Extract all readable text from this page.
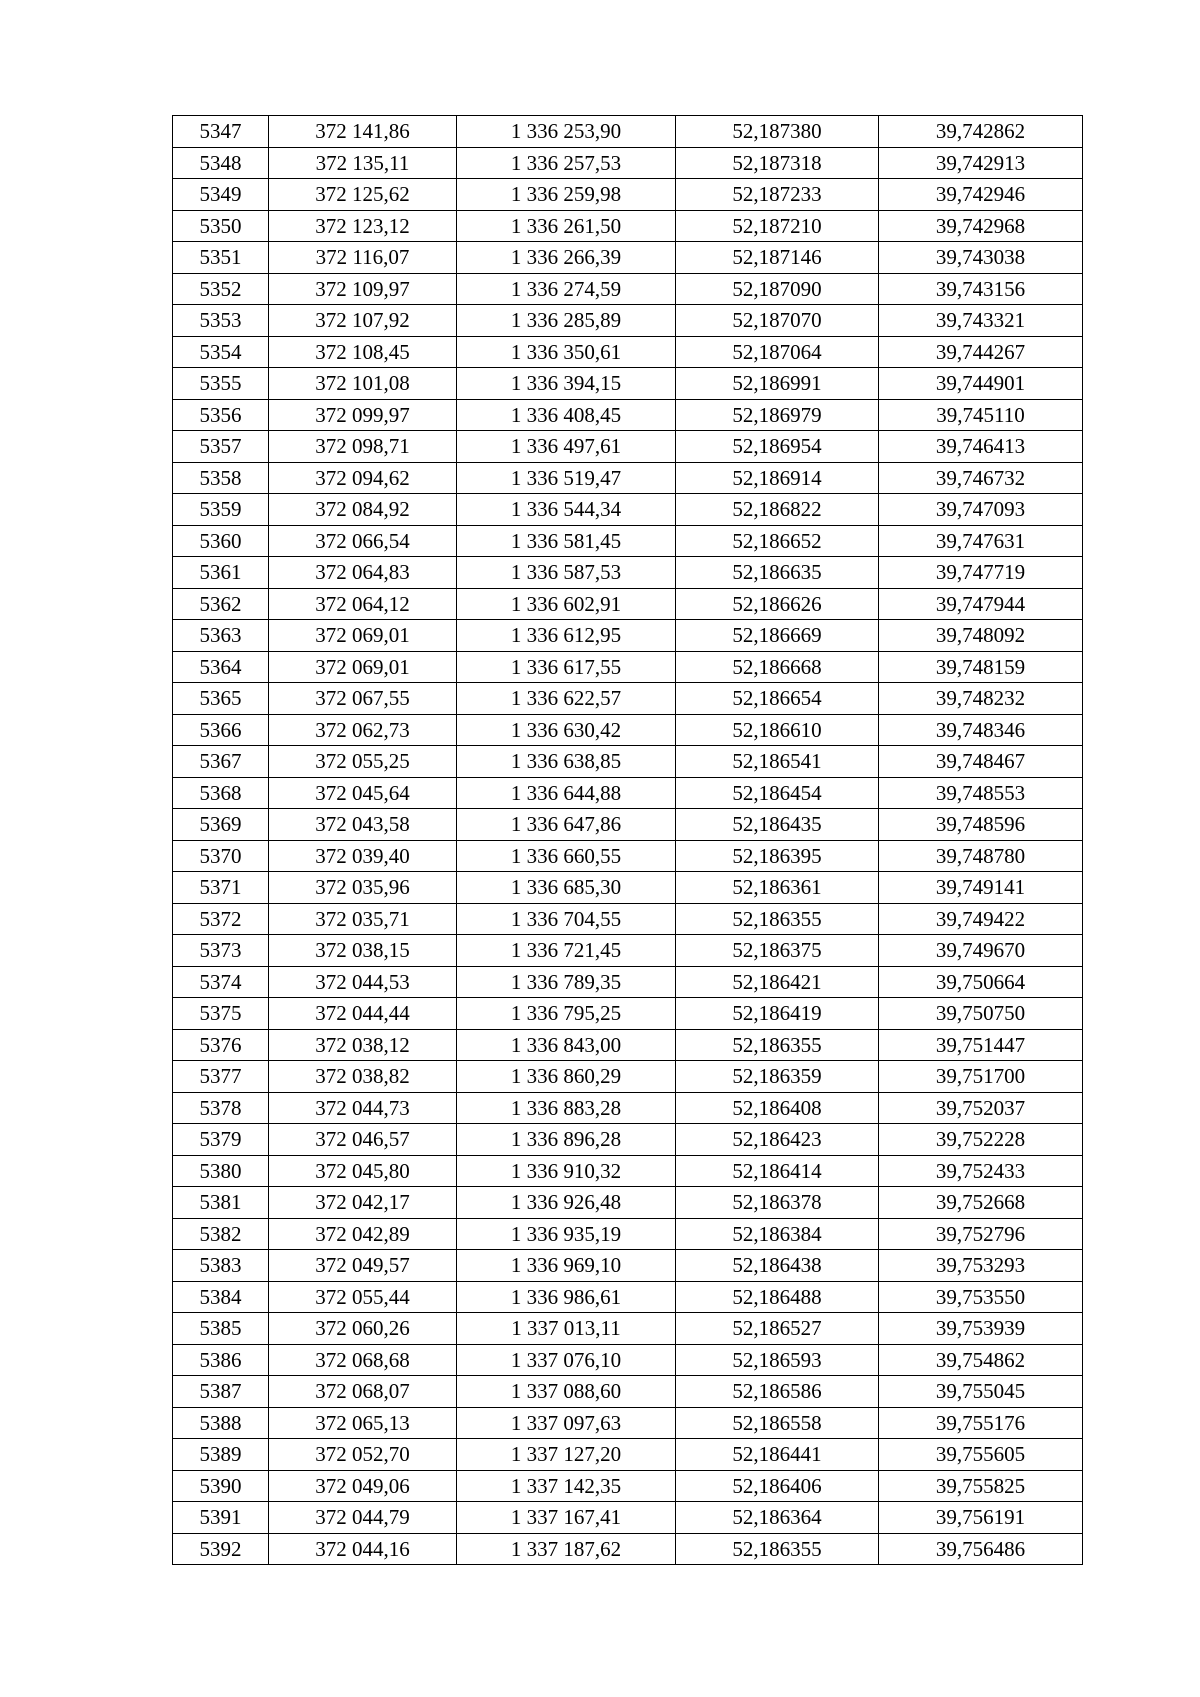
5347	372 141,86	1 336 253,90	52,187380	39,742862
5348	372 135,11	1 336 257,53	52,187318	39,742913
5349	372 125,62	1 336 259,98	52,187233	39,742946
5350	372 123,12	1 336 261,50	52,187210	39,742968
5351	372 116,07	1 336 266,39	52,187146	39,743038
5352	372 109,97	1 336 274,59	52,187090	39,743156
5353	372 107,92	1 336 285,89	52,187070	39,743321
5354	372 108,45	1 336 350,61	52,187064	39,744267
5355	372 101,08	1 336 394,15	52,186991	39,744901
5356	372 099,97	1 336 408,45	52,186979	39,745110
5357	372 098,71	1 336 497,61	52,186954	39,746413
5358	372 094,62	1 336 519,47	52,186914	39,746732
5359	372 084,92	1 336 544,34	52,186822	39,747093
5360	372 066,54	1 336 581,45	52,186652	39,747631
5361	372 064,83	1 336 587,53	52,186635	39,747719
5362	372 064,12	1 336 602,91	52,186626	39,747944
5363	372 069,01	1 336 612,95	52,186669	39,748092
5364	372 069,01	1 336 617,55	52,186668	39,748159
5365	372 067,55	1 336 622,57	52,186654	39,748232
5366	372 062,73	1 336 630,42	52,186610	39,748346
5367	372 055,25	1 336 638,85	52,186541	39,748467
5368	372 045,64	1 336 644,88	52,186454	39,748553
5369	372 043,58	1 336 647,86	52,186435	39,748596
5370	372 039,40	1 336 660,55	52,186395	39,748780
5371	372 035,96	1 336 685,30	52,186361	39,749141
5372	372 035,71	1 336 704,55	52,186355	39,749422
5373	372 038,15	1 336 721,45	52,186375	39,749670
5374	372 044,53	1 336 789,35	52,186421	39,750664
5375	372 044,44	1 336 795,25	52,186419	39,750750
5376	372 038,12	1 336 843,00	52,186355	39,751447
5377	372 038,82	1 336 860,29	52,186359	39,751700
5378	372 044,73	1 336 883,28	52,186408	39,752037
5379	372 046,57	1 336 896,28	52,186423	39,752228
5380	372 045,80	1 336 910,32	52,186414	39,752433
5381	372 042,17	1 336 926,48	52,186378	39,752668
5382	372 042,89	1 336 935,19	52,186384	39,752796
5383	372 049,57	1 336 969,10	52,186438	39,753293
5384	372 055,44	1 336 986,61	52,186488	39,753550
5385	372 060,26	1 337 013,11	52,186527	39,753939
5386	372 068,68	1 337 076,10	52,186593	39,754862
5387	372 068,07	1 337 088,60	52,186586	39,755045
5388	372 065,13	1 337 097,63	52,186558	39,755176
5389	372 052,70	1 337 127,20	52,186441	39,755605
5390	372 049,06	1 337 142,35	52,186406	39,755825
5391	372 044,79	1 337 167,41	52,186364	39,756191
5392	372 044,16	1 337 187,62	52,186355	39,756486
